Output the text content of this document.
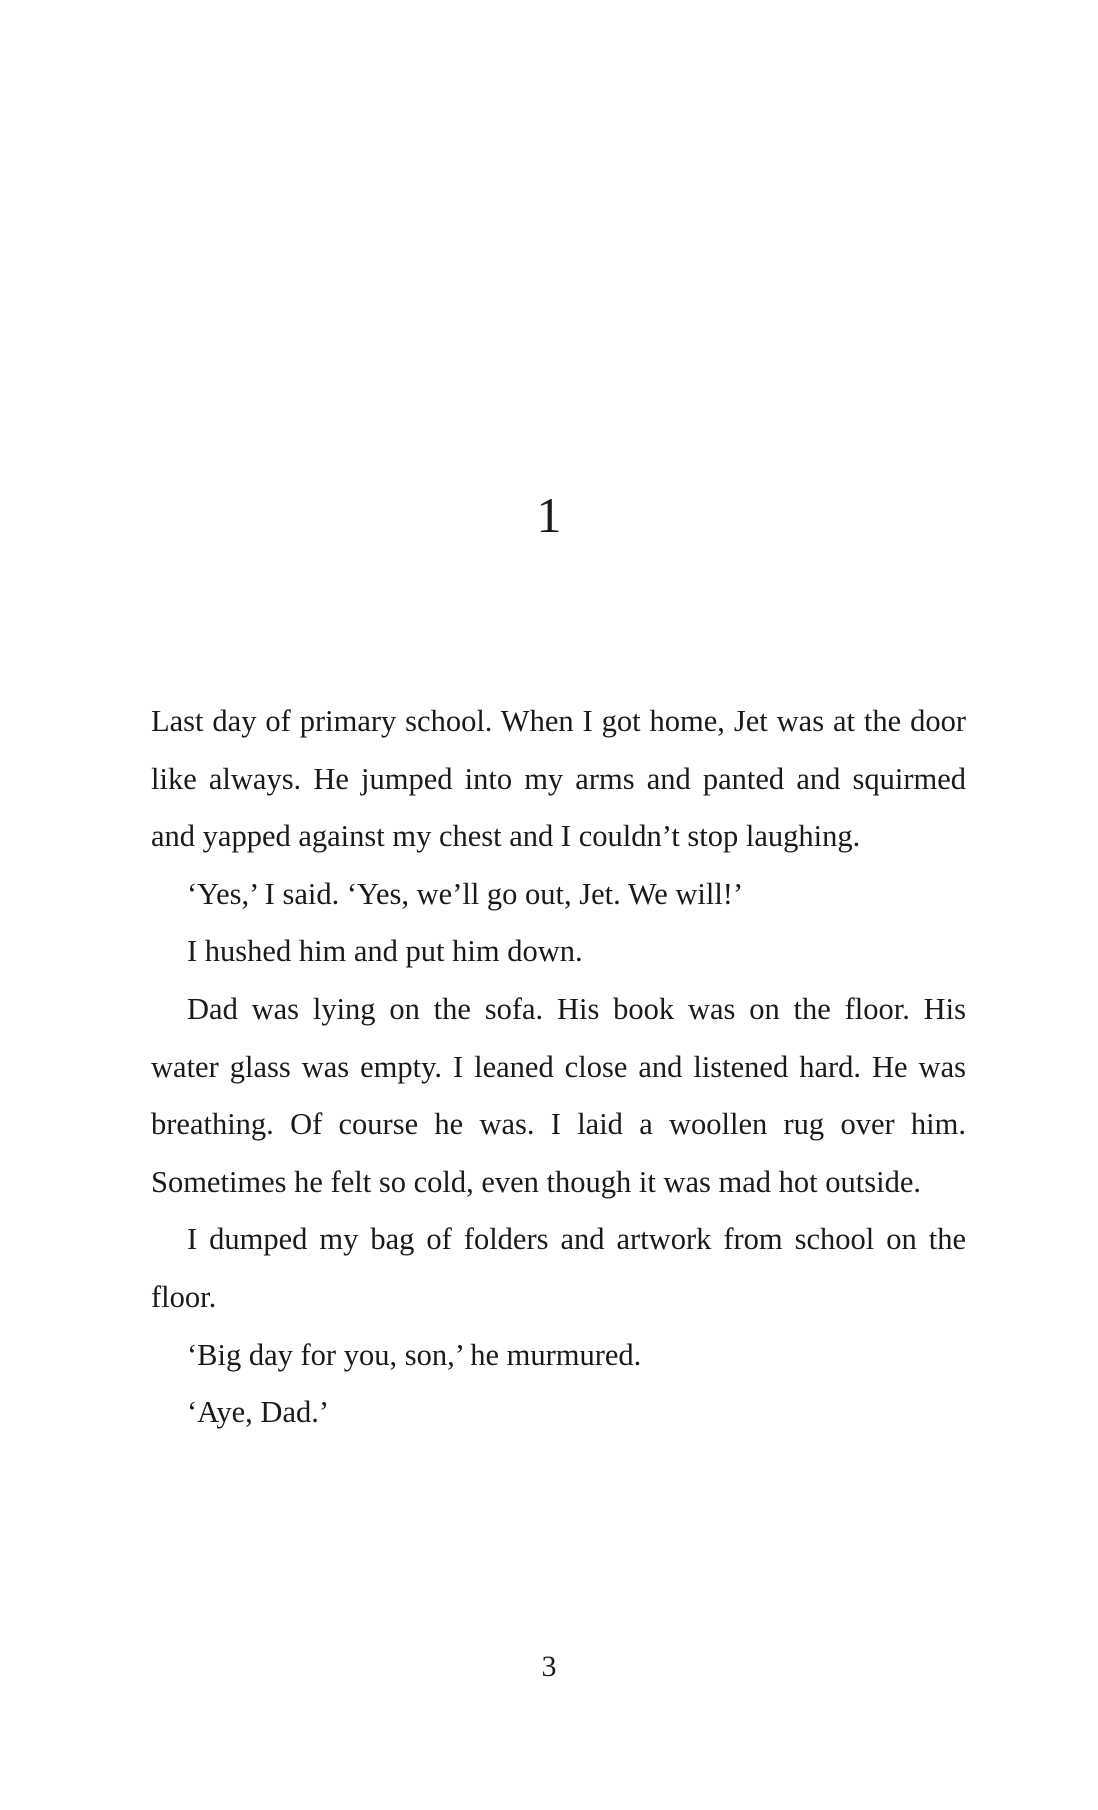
1

Last day of primary school. When I got home, Jet was at the door like always. He jumped into my arms and panted and squirmed and yapped against my chest and I couldn’t stop laughing.

‘Yes,’ I said. ‘Yes, we’ll go out, Jet. We will!’

I hushed him and put him down.

Dad was lying on the sofa. His book was on the floor. His water glass was empty. I leaned close and listened hard. He was breathing. Of course he was. I laid a woollen rug over him. Sometimes he felt so cold, even though it was mad hot outside.

I dumped my bag of folders and artwork from school on the floor.

‘Big day for you, son,’ he murmured.

‘Aye, Dad.’

3
